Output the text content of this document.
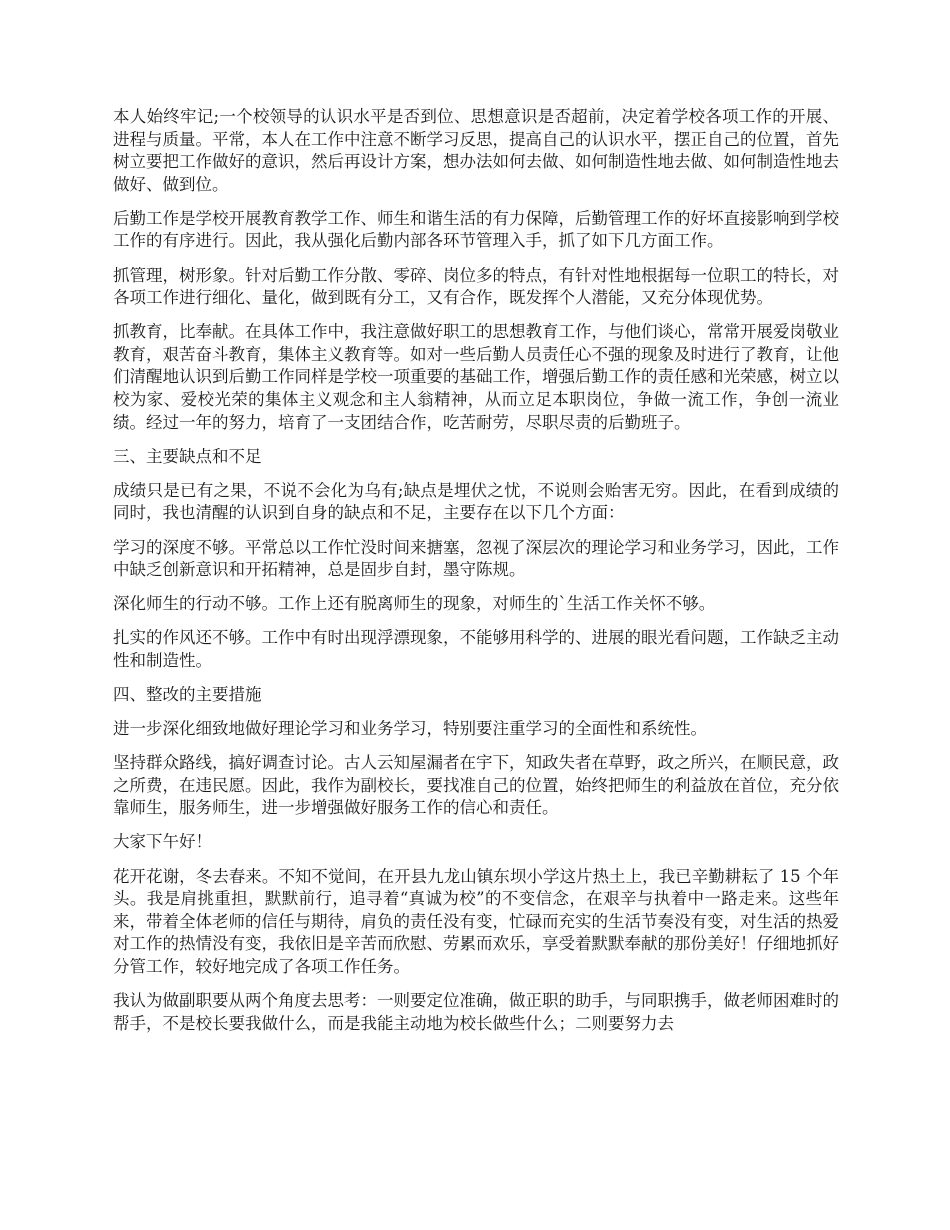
本人始终牢记;一个校领导的认识水平是否到位、思想意识是否超前，决定着学校各项工作的开展、进程与质量。平常，本人在工作中注意不断学习反思，提高自己的认识水平，摆正自己的位置，首先树立要把工作做好的意识，然后再设计方案，想办法如何去做、如何制造性地去做、如何制造性地去做好、做到位。

后勤工作是学校开展教育教学工作、师生和谐生活的有力保障，后勤管理工作的好坏直接影响到学校工作的有序进行。因此，我从强化后勤内部各环节管理入手，抓了如下几方面工作。

抓管理，树形象。针对后勤工作分散、零碎、岗位多的特点，有针对性地根据每一位职工的特长，对各项工作进行细化、量化，做到既有分工，又有合作，既发挥个人潜能，又充分体现优势。

抓教育，比奉献。在具体工作中，我注意做好职工的思想教育工作，与他们谈心，常常开展爱岗敬业教育，艰苦奋斗教育，集体主义教育等。如对一些后勤人员责任心不强的现象及时进行了教育，让他们清醒地认识到后勤工作同样是学校一项重要的基础工作，增强后勤工作的责任感和光荣感，树立以校为家、爱校光荣的集体主义观念和主人翁精神，从而立足本职岗位，争做一流工作，争创一流业绩。经过一年的努力，培育了一支团结合作，吃苦耐劳，尽职尽责的后勤班子。

三、主要缺点和不足

成绩只是已有之果，不说不会化为乌有;缺点是埋伏之忧，不说则会贻害无穷。因此，在看到成绩的同时，我也清醒的认识到自身的缺点和不足，主要存在以下几个方面：

学习的深度不够。平常总以工作忙没时间来搪塞，忽视了深层次的理论学习和业务学习，因此，工作中缺乏创新意识和开拓精神，总是固步自封，墨守陈规。

深化师生的行动不够。工作上还有脱离师生的现象，对师生的`生活工作关怀不够。

扎实的作风还不够。工作中有时出现浮漂现象，不能够用科学的、进展的眼光看问题，工作缺乏主动性和制造性。

四、整改的主要措施

进一步深化细致地做好理论学习和业务学习，特别要注重学习的全面性和系统性。

坚持群众路线，搞好调查讨论。古人云知屋漏者在宇下，知政失者在草野，政之所兴，在顺民意，政之所费，在违民愿。因此，我作为副校长，要找准自己的位置，始终把师生的利益放在首位，充分依靠师生，服务师生，进一步增强做好服务工作的信心和责任。

大家下午好！

花开花谢，冬去春来。不知不觉间，在开县九龙山镇东坝小学这片热土上，我已辛勤耕耘了 15 个年头。我是肩挑重担，默默前行，追寻着“真诚为校”的不变信念，在艰辛与执着中一路走来。这些年来，带着全体老师的信任与期待，肩负的责任没有变，忙碌而充实的生活节奏没有变，对生活的热爱对工作的热情没有变，我依旧是辛苦而欣慰、劳累而欢乐，享受着默默奉献的那份美好！仔细地抓好分管工作，较好地完成了各项工作任务。

我认为做副职要从两个角度去思考：一则要定位准确，做正职的助手，与同职携手，做老师困难时的帮手，不是校长要我做什么，而是我能主动地为校长做些什么；二则要努力去
